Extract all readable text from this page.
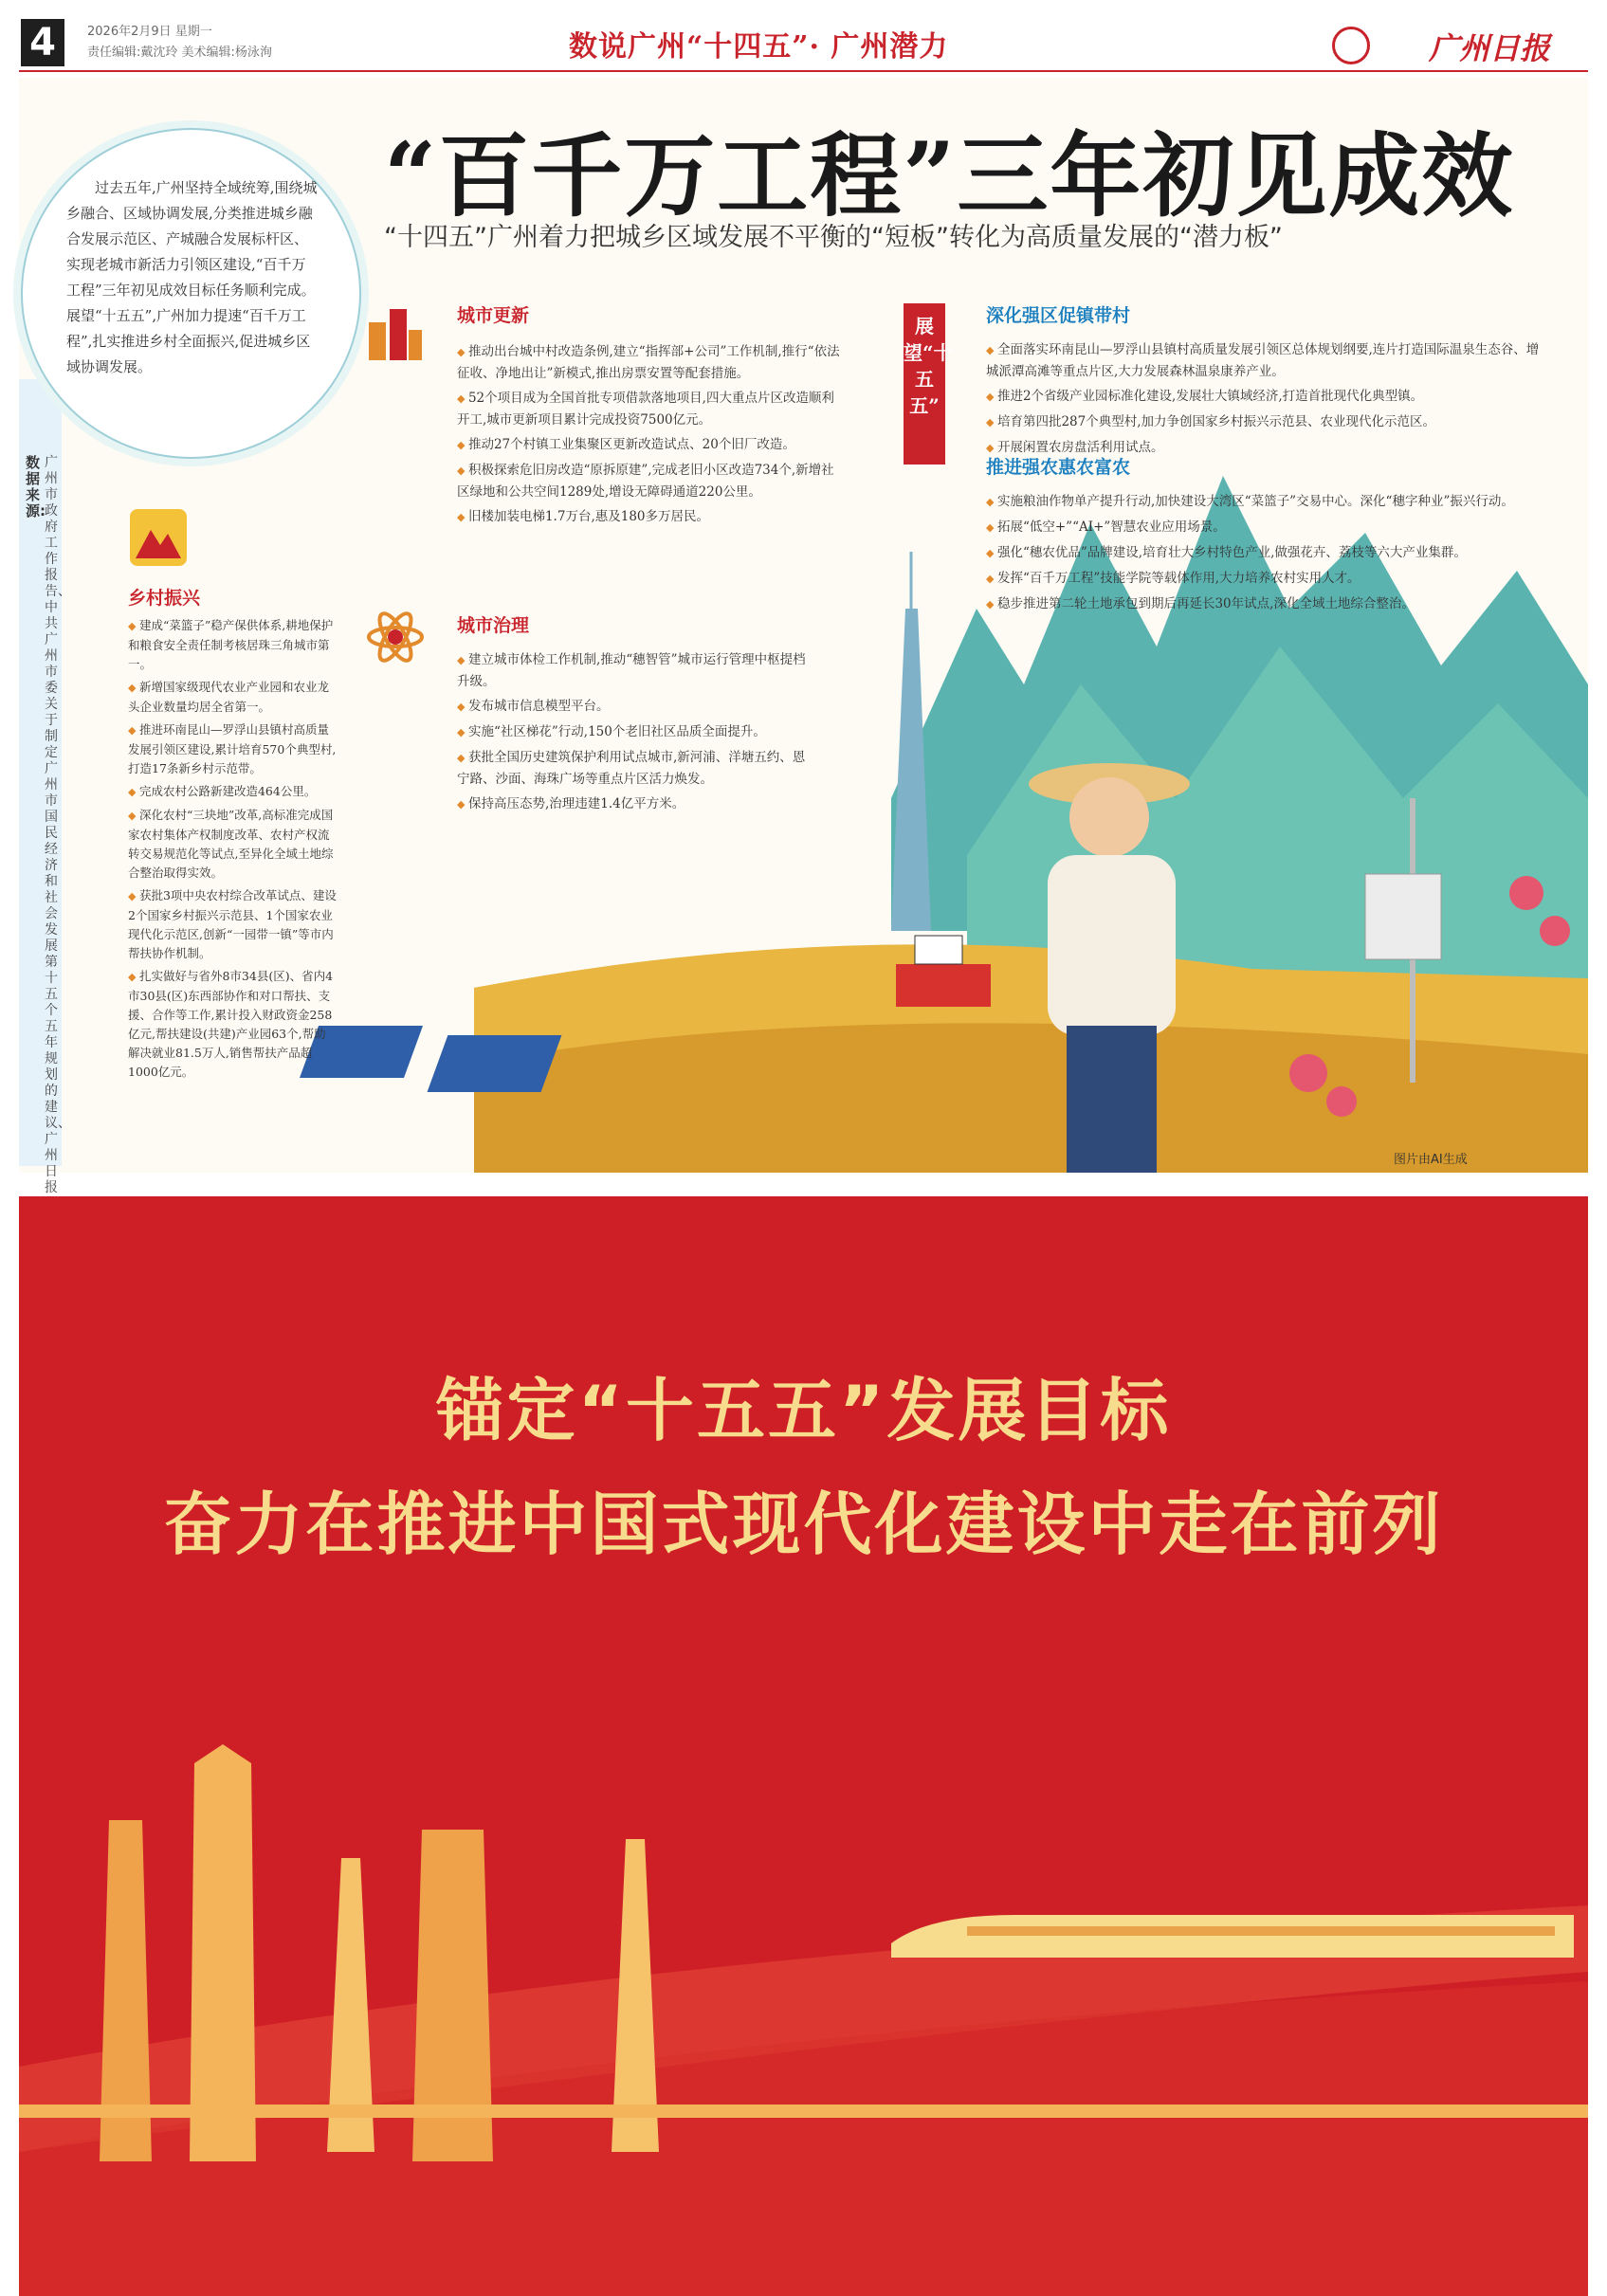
4	2026年2月9日 星期一
责任编辑:戴沈玲 美术编辑:杨泳洵	数说广州“十四五”· 广州潜力	广州日报
数据来源:
广州市政府工作报告、中共广州市委关于制定广州市国民经济和社会发展第十五个五年规划的建议、广州日报
“百千万工程”三年初见成效
“十四五”广州着力把城乡区域发展不平衡的“短板”转化为高质量发展的“潜力板”
过去五年,广州坚持全域统筹,围绕城乡融合、区域协调发展,分类推进城乡融合发展示范区、产城融合发展标杆区、实现老城市新活力引领区建设,“百千万工程”三年初见成效目标任务顺利完成。展望“十五五”,广州加力提速“百千万工程”,扎实推进乡村全面振兴,促进城乡区域协调发展。
城市更新
◆ 推动出台城中村改造条例,建立“指挥部+公司”工作机制,推行“依法征收、净地出让”新模式,推出房票安置等配套措施。
◆ 52个项目成为全国首批专项借款落地项目,四大重点片区改造顺利开工,城市更新项目累计完成投资7500亿元。
◆ 推动27个村镇工业集聚区更新改造试点、20个旧厂改造。
◆ 积极探索危旧房改造“原拆原建”,完成老旧小区改造734个,新增社区绿地和公共空间1289处,增设无障碍通道220公里。
◆ 旧楼加装电梯1.7万台,惠及180多万居民。
城市治理
◆ 建立城市体检工作机制,推动“穗智管”城市运行管理中枢提档升级。
◆ 发布城市信息模型平台。
◆ 实施“社区梯花”行动,150个老旧社区品质全面提升。
◆ 获批全国历史建筑保护利用试点城市,新河浦、洋塘五约、恩宁路、沙面、海珠广场等重点片区活力焕发。
◆ 保持高压态势,治理违建1.4亿平方米。
乡村振兴
◆ 建成“菜篮子”稳产保供体系,耕地保护和粮食安全责任制考核居珠三角城市第一。
◆ 新增国家级现代农业产业园和农业龙头企业数量均居全省第一。
◆ 推进环南昆山—罗浮山县镇村高质量发展引领区建设,累计培育570个典型村,打造17条新乡村示范带。
◆ 完成农村公路新建改造464公里。
◆ 深化农村“三块地”改革,高标准完成国家农村集体产权制度改革、农村产权流转交易规范化等试点,至异化全域土地综合整治取得实效。
◆ 获批3项中央农村综合改革试点、建设2个国家乡村振兴示范县、1个国家农业现代化示范区,创新“一园带一镇”等市内帮扶协作机制。
◆ 扎实做好与省外8市34县(区)、省内4市30县(区)东西部协作和对口帮扶、支援、合作等工作,累计投入财政资金258亿元,帮扶建设(共建)产业园63个,帮助解决就业81.5万人,销售帮扶产品超1000亿元。
展望“十五五”
深化强区促镇带村
◆ 全面落实环南昆山—罗浮山县镇村高质量发展引领区总体规划纲要,连片打造国际温泉生态谷、增城派潭高滩等重点片区,大力发展森林温泉康养产业。
◆ 推进2个省级产业园标准化建设,发展壮大镇域经济,打造首批现代化典型镇。
◆ 培育第四批287个典型村,加力争创国家乡村振兴示范县、农业现代化示范区。
◆ 开展闲置农房盘活利用试点。
推进强农惠农富农
◆ 实施粮油作物单产提升行动,加快建设大湾区“菜篮子”交易中心。深化“穗字种业”振兴行动。
◆ 拓展“低空+”“AI+”智慧农业应用场景。
◆ 强化“穗农优品”品牌建设,培育壮大乡村特色产业,做强花卉、荔枝等六大产业集群。
◆ 发挥“百千万工程”技能学院等载体作用,大力培养农村实用人才。
◆ 稳步推进第二轮土地承包到期后再延长30年试点,深化全域土地综合整治。
图片由AI生成
锚定“十五五”发展目标
奋力在推进中国式现代化建设中走在前列
